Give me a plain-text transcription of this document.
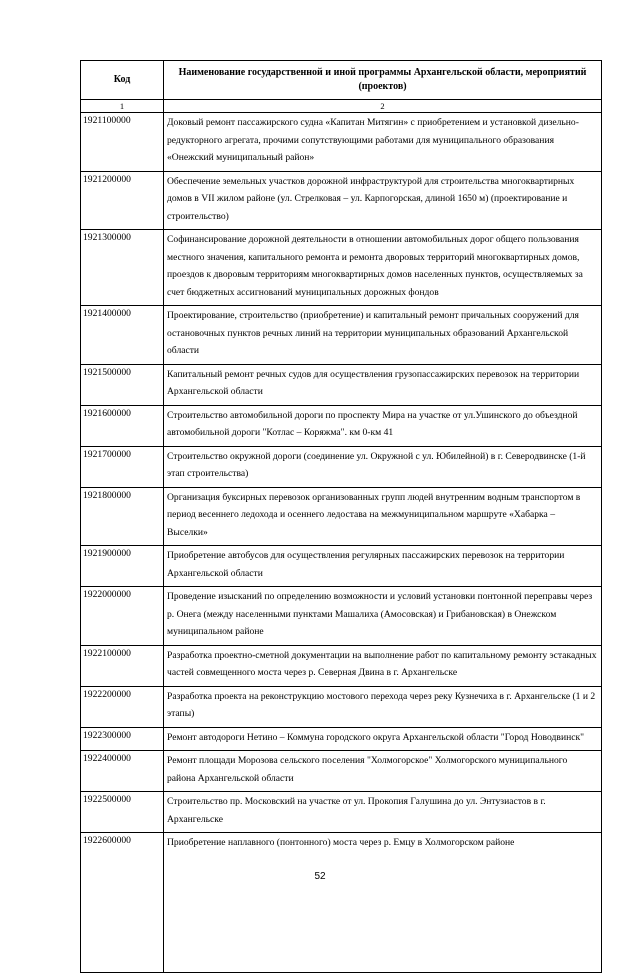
Код	Наименование государственной и иной программы Архангельской области, мероприятий (проектов)
1	2
1921100000	Доковый ремонт пассажирского судна «Капитан Митягин» с приобретением и установкой дизельно-редукторного агрегата, прочими сопутствующими работами для муниципального образования «Онежский муниципальный район»
1921200000	Обеспечение земельных участков дорожной инфраструктурой для строительства многоквартирных домов в VII жилом районе (ул. Стрелковая – ул. Карпогорская, длиной 1650 м) (проектирование и строительство)
1921300000	Софинансирование дорожной деятельности в отношении автомобильных дорог общего пользования местного значения, капитального ремонта и ремонта дворовых территорий многоквартирных домов, проездов к дворовым территориям многоквартирных домов населенных пунктов, осуществляемых за счет бюджетных ассигнований муниципальных дорожных фондов
1921400000	Проектирование, строительство (приобретение) и капитальный ремонт причальных сооружений для остановочных пунктов речных линий на территории муниципальных образований Архангельской области
1921500000	Капитальный ремонт речных судов для осуществления грузопассажирских перевозок на территории Архангельской области
1921600000	Строительство автомобильной дороги по проспекту Мира на участке от ул.Ушинского до объездной автомобильной дороги "Котлас – Коряжма". км 0-км 41
1921700000	Строительство окружной дороги (соединение ул. Окружной с ул. Юбилейной) в г. Северодвинске (1-й этап строительства)
1921800000	Организация буксирных перевозок организованных групп людей внутренним водным транспортом в период весеннего ледохода и осеннего ледостава на межмуниципальном маршруте «Хабарка – Выселки»
1921900000	Приобретение автобусов для осуществления регулярных пассажирских перевозок на территории Архангельской области
1922000000	Проведение изысканий по определению возможности и условий установки понтонной переправы через р. Онега (между населенными пунктами Машалиха (Амосовская) и Грибановская) в Онежском муниципальном районе
1922100000	Разработка проектно-сметной документации на выполнение работ по капитальному ремонту эстакадных частей совмещенного моста через р. Северная Двина в г. Архангельске
1922200000	Разработка проекта на реконструкцию мостового перехода через реку Кузнечиха в г. Архангельске (1 и 2 этапы)
1922300000	Ремонт автодороги Нетино – Коммуна городского округа Архангельской области "Город Новодвинск"
1922400000	Ремонт площади Морозова сельского поселения "Холмогорское" Холмогорского муниципального района Архангельской области
1922500000	Строительство пр. Московский на участке от ул. Прокопия Галушина до ул. Энтузиастов в г. Архангельске
1922600000	Приобретение наплавного (понтонного) моста через р. Емцу в Холмогорском районе
52
